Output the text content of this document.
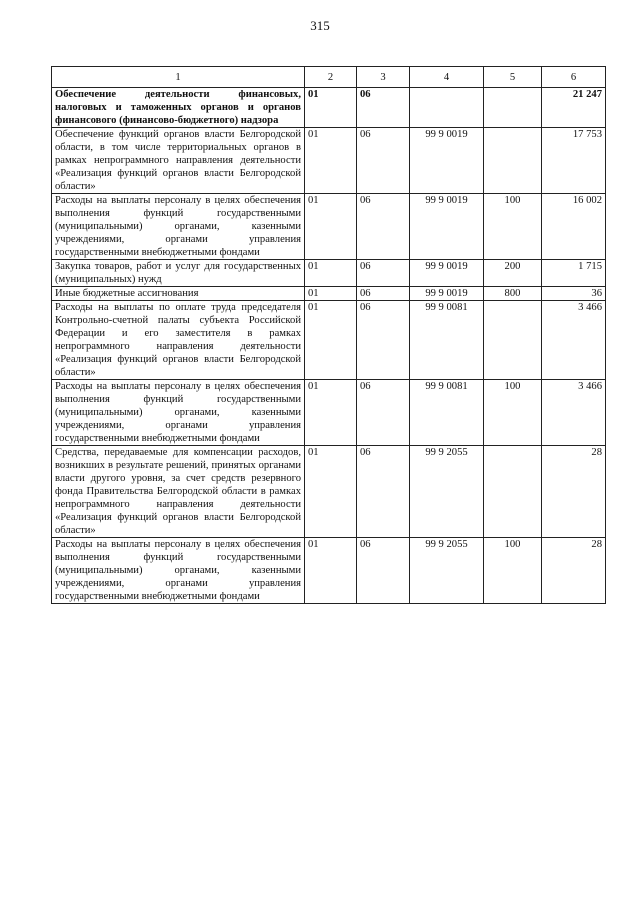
315
1	2	3	4	5	6
Обеспечение деятельности финансовых, налоговых и таможенных органов и органов финансового (финансово-бюджетного) надзора	01	06			21 247
Обеспечение функций органов власти Белгородской области, в том числе территориальных органов в рамках непрограммного направления деятельности «Реализация функций органов власти Белгородской области»	01	06	99 9 0019		17 753
Расходы на выплаты персоналу в целях обеспечения выполнения функций государственными (муниципальными) органами, казенными учреждениями, органами управления государственными внебюджетными фондами	01	06	99 9 0019	100	16 002
Закупка товаров, работ и услуг для государственных (муниципальных) нужд	01	06	99 9 0019	200	1 715
Иные бюджетные ассигнования	01	06	99 9 0019	800	36
Расходы на выплаты по оплате труда председателя Контрольно-счетной палаты субъекта Российской Федерации и его заместителя в рамках непрограммного направления деятельности «Реализация функций органов власти Белгородской области»	01	06	99 9 0081		3 466
Расходы на выплаты персоналу в целях обеспечения выполнения функций государственными (муниципальными) органами, казенными учреждениями, органами управления государственными внебюджетными фондами	01	06	99 9 0081	100	3 466
Средства, передаваемые для компенсации расходов, возникших в результате решений, принятых органами власти другого уровня, за счет средств резервного фонда Правительства Белгородской области в рамках непрограммного направления деятельности «Реализация функций органов власти Белгородской области»	01	06	99 9 2055		28
Расходы на выплаты персоналу в целях обеспечения выполнения функций государственными (муниципальными) органами, казенными учреждениями, органами управления государственными внебюджетными фондами	01	06	99 9 2055	100	28
